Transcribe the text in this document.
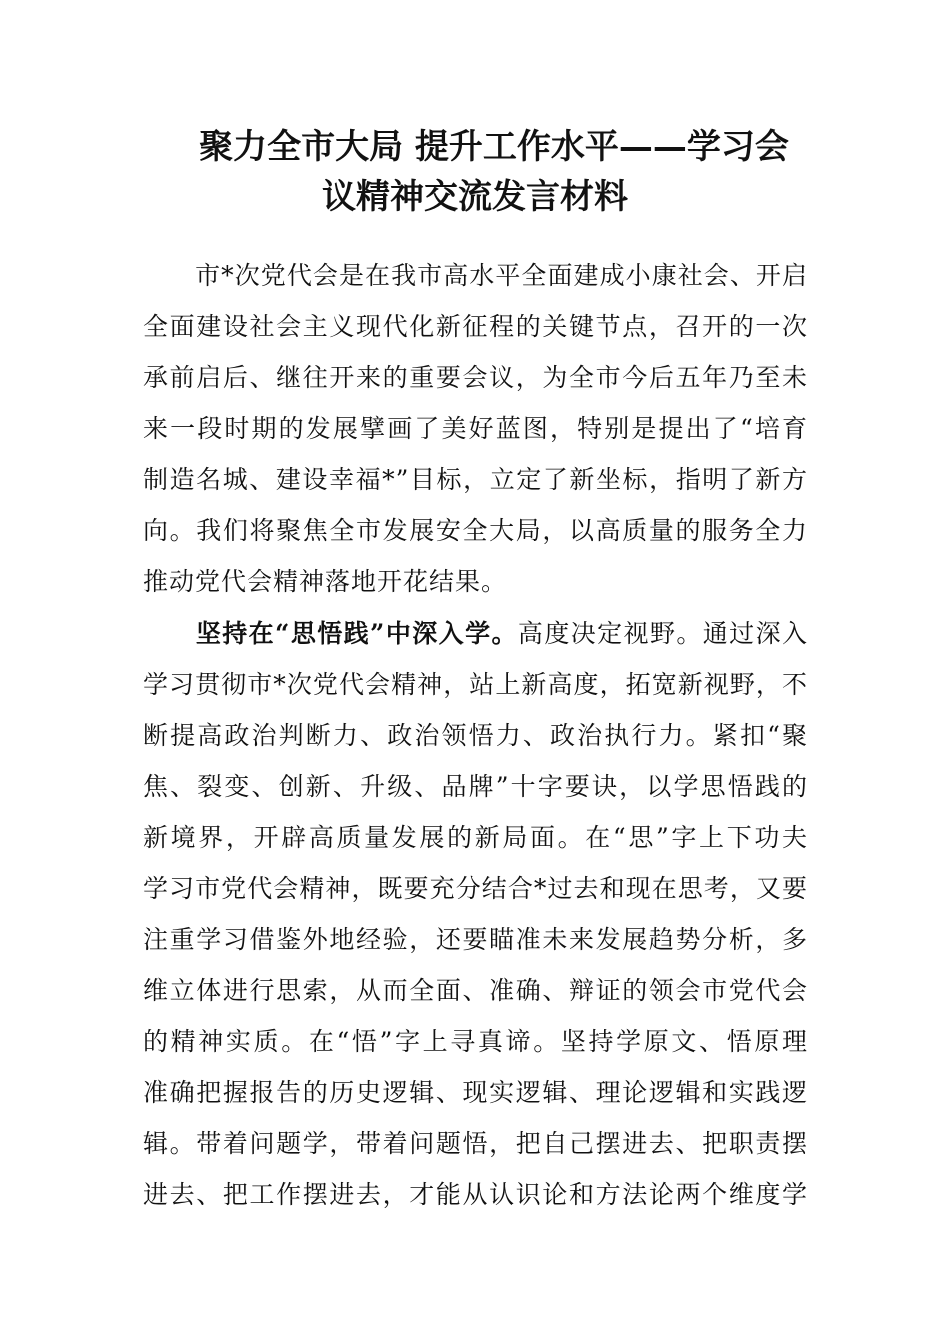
聚力全市大局 提升工作水平——学习会
议精神交流发言材料
　　市*次党代会是在我市高水平全面建成小康社会、开启
全面建设社会主义现代化新征程的关键节点，召开的一次
承前启后、继往开来的重要会议，为全市今后五年乃至未
来一段时期的发展擘画了美好蓝图，特别是提出了“培育
制造名城、建设幸福*”目标，立定了新坐标，指明了新方
向。我们将聚焦全市发展安全大局，以高质量的服务全力
推动党代会精神落地开花结果。
　　坚持在“思悟践”中深入学。高度决定视野。通过深入
学习贯彻市*次党代会精神，站上新高度，拓宽新视野，不
断提高政治判断力、政治领悟力、政治执行力。紧扣“聚
焦、裂变、创新、升级、品牌”十字要诀，以学思悟践的
新境界，开辟高质量发展的新局面。在“思”字上下功夫
学习市党代会精神，既要充分结合*过去和现在思考，又要
注重学习借鉴外地经验，还要瞄准未来发展趋势分析，多
维立体进行思索，从而全面、准确、辩证的领会市党代会
的精神实质。在“悟”字上寻真谛。坚持学原文、悟原理
准确把握报告的历史逻辑、现实逻辑、理论逻辑和实践逻
辑。带着问题学，带着问题悟，把自己摆进去、把职责摆
进去、把工作摆进去，才能从认识论和方法论两个维度学
